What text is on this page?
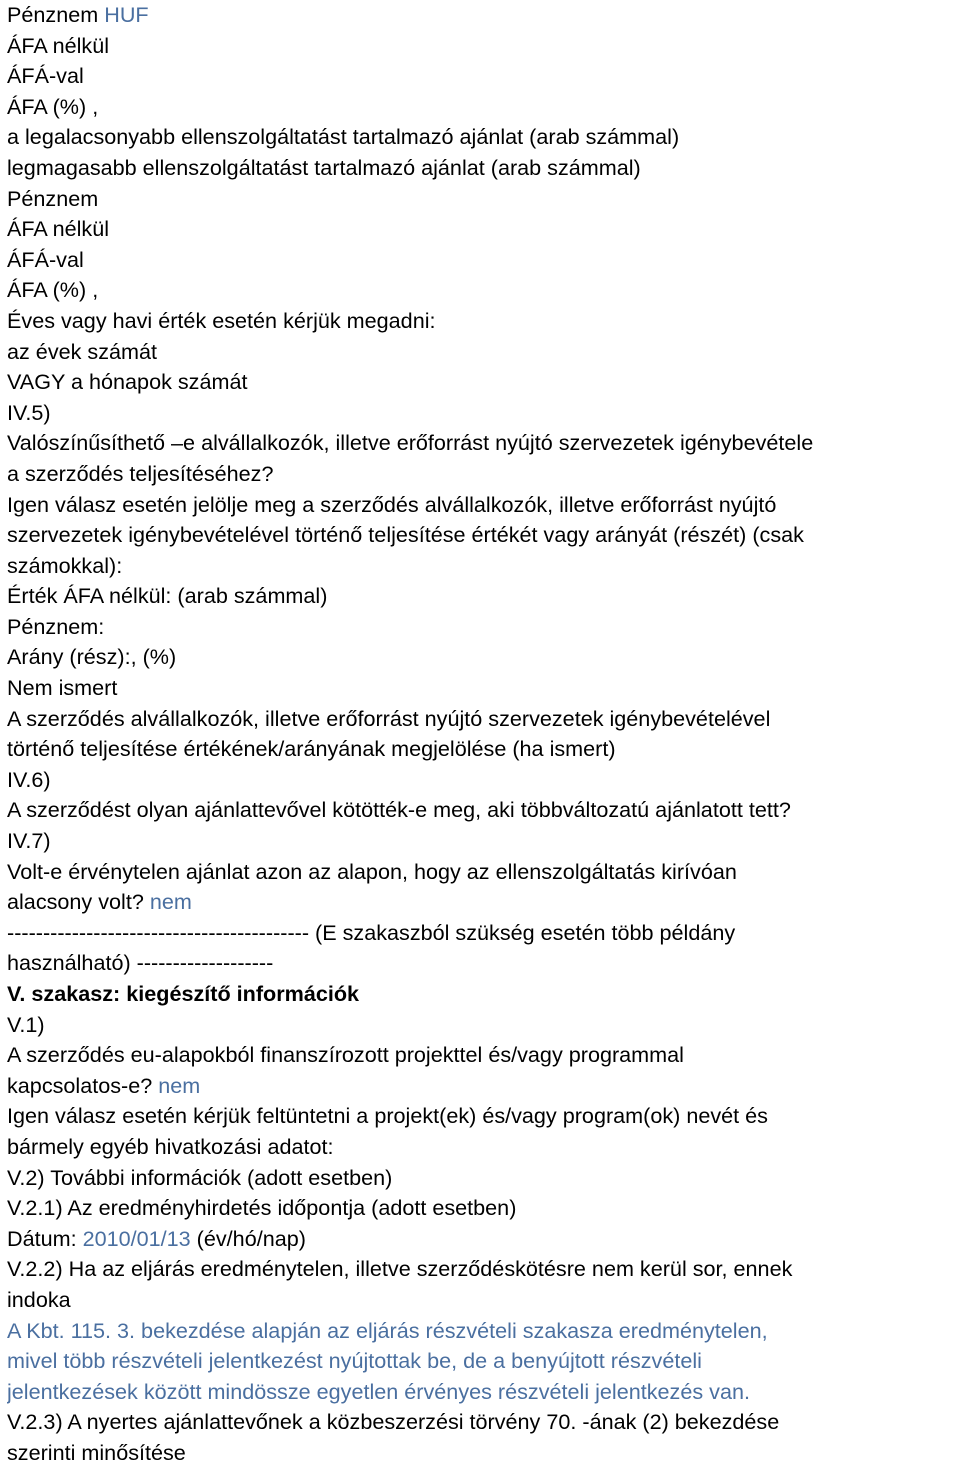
Pénznem HUF
ÁFA nélkül
ÁFÁ-val
ÁFA (%) ,
a legalacsonyabb ellenszolgáltatást tartalmazó ajánlat (arab számmal)
legmagasabb ellenszolgáltatást tartalmazó ajánlat (arab számmal)
Pénznem
ÁFA nélkül
ÁFÁ-val
ÁFA (%) ,
Éves vagy havi érték esetén kérjük megadni:
az évek számát
VAGY a hónapok számát
IV.5)
Valószínűsíthető –e alvállalkozók, illetve erőforrást nyújtó szervezetek igénybevétele
a szerződés teljesítéséhez?
Igen válasz esetén jelölje meg a szerződés alvállalkozók, illetve erőforrást nyújtó
szervezetek igénybevételével történő teljesítése értékét vagy arányát (részét) (csak
számokkal):
Érték ÁFA nélkül: (arab számmal)
Pénznem:
Arány (rész):, (%)
Nem ismert
A szerződés alvállalkozók, illetve erőforrást nyújtó szervezetek igénybevételével
történő teljesítése értékének/arányának megjelölése (ha ismert)
IV.6)
A szerződést olyan ajánlattevővel kötötték-e meg, aki többváltozatú ajánlatott tett?
IV.7)
Volt-e érvénytelen ajánlat azon az alapon, hogy az ellenszolgáltatás kirívóan
alacsony volt? nem
------------------------------------------ (E szakaszból szükség esetén több példány
használható) -------------------
V. szakasz: kiegészítő információk
V.1)
A szerződés eu-alapokból finanszírozott projekttel és/vagy programmal
kapcsolatos-e? nem
Igen válasz esetén kérjük feltüntetni a projekt(ek) és/vagy program(ok) nevét és
bármely egyéb hivatkozási adatot:
V.2) További információk (adott esetben)
V.2.1) Az eredményhirdetés időpontja (adott esetben)
Dátum: 2010/01/13 (év/hó/nap)
V.2.2) Ha az eljárás eredménytelen, illetve szerződéskötésre nem kerül sor, ennek
indoka
A Kbt. 115. 3. bekezdése alapján az eljárás részvételi szakasza eredménytelen,
mivel több részvételi jelentkezést nyújtottak be, de a benyújtott részvételi
jelentkezések között mindössze egyetlen érvényes részvételi jelentkezés van.
V.2.3) A nyertes ajánlattevőnek a közbeszerzési törvény 70. -ának (2) bekezdése
szerinti minősítése
